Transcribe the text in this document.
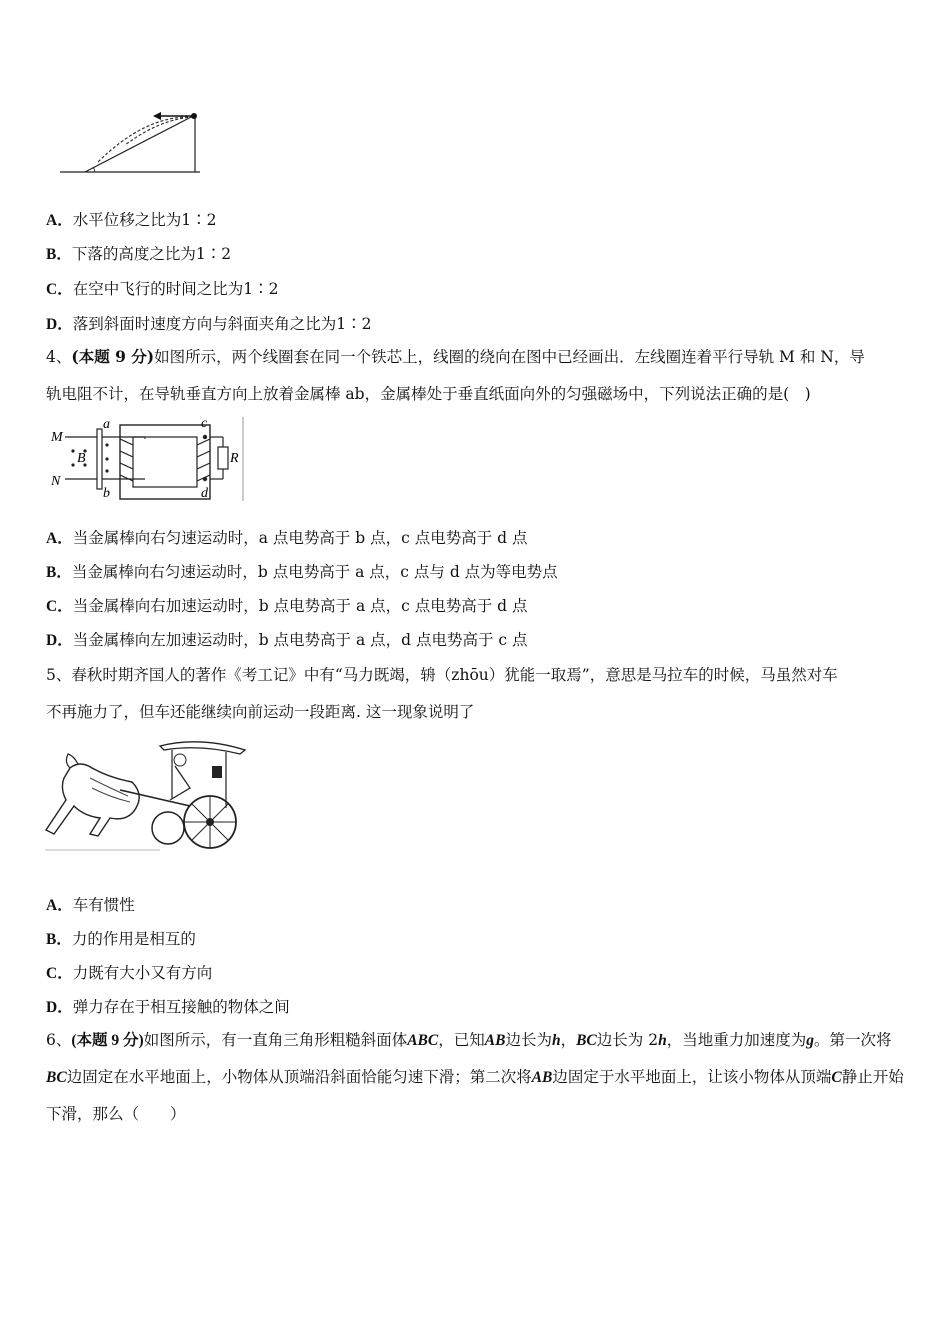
A．水平位移之比为1∶2
B．下落的高度之比为1∶2
C．在空中飞行的时间之比为1∶2
D．落到斜面时速度方向与斜面夹角之比为1∶2
4、(本题 9 分)如图所示，两个线圈套在同一个铁芯上，线圈的绕向在图中已经画出．左线圈连着平行导轨 M 和 N，导
轨电阻不计，在导轨垂直方向上放着金属棒 ab，金属棒处于垂直纸面向外的匀强磁场中，下列说法正确的是(　)
M
N
a
b
B
c
d
R
A．当金属棒向右匀速运动时，a 点电势高于 b 点，c 点电势高于 d 点
B．当金属棒向右匀速运动时，b 点电势高于 a 点，c 点与 d 点为等电势点
C．当金属棒向右加速运动时，b 点电势高于 a 点，c 点电势高于 d 点
D．当金属棒向左加速运动时，b 点电势高于 a 点，d 点电势高于 c 点
5、春秋时期齐国人的著作《考工记》中有“马力既竭，辀（zhōu）犹能一取焉”，意思是马拉车的时候，马虽然对车
不再施力了，但车还能继续向前运动一段距离. 这一现象说明了
A．车有惯性
B．力的作用是相互的
C．力既有大小又有方向
D．弹力存在于相互接触的物体之间
6、(本题 9 分)如图所示，有一直角三角形粗糙斜面体ABC，已知AB边长为h，BC边长为 2h，当地重力加速度为g。第一次将BC边固定在水平地面上，小物体从顶端沿斜面恰能匀速下滑；第二次将AB边固定于水平地面上，让该小物体从顶端C静止开始下滑，那么（　　）
